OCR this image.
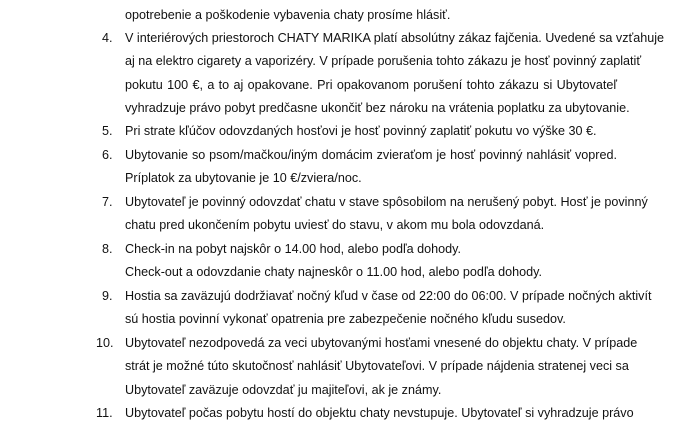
opotrebenie a poškodenie vybavenia chaty prosíme hlásiť.
4. V interiérových priestoroch CHATY MARIKA platí absolútny zákaz fajčenia. Uvedené sa vzťahuje
aj na elektro cigarety a vaporizéry. V prípade porušenia tohto zákazu je hosť povinný zaplatiť
pokutu 100 €, a to aj opakovane. Pri opakovanom porušení tohto zákazu si Ubytovateľ
vyhradzuje právo pobyt predčasne ukončiť bez nároku na vrátenia poplatku za ubytovanie.
5. Pri strate kľúčov odovzdaných hosťovi je hosť povinný zaplatiť pokutu vo výške 30 €.
6. Ubytovanie so psom/mačkou/iným domácim zvieraťom je hosť povinný nahlásiť vopred.
Príplatok za ubytovanie je 10 €/zviera/noc.
7. Ubytovateľ je povinný odovzdať chatu v stave spôsobilom na nerušený pobyt. Hosť je povinný
chatu pred ukončením pobytu uviesť do stavu, v akom mu bola odovzdaná.
8. Check-in na pobyt najskôr o 14.00 hod, alebo podľa dohody.
Check-out a odovzdanie chaty najneskôr o 11.00 hod, alebo podľa dohody.
9. Hostia sa zaväzujú dodržiavať nočný kľud v čase od 22:00 do 06:00. V prípade nočných aktivít
sú hostia povinní vykonať opatrenia pre zabezpečenie nočného kľudu susedov.
10. Ubytovateľ nezodpovedá za veci ubytovanými hosťami vnesené do objektu chaty. V prípade
strát je možné túto skutočnosť nahlásiť Ubytovateľovi. V prípade nájdenia stratenej veci sa
Ubytovateľ zaväzuje odovzdať ju majiteľovi, ak je známy.
11. Ubytovateľ počas pobytu hostí do objektu chaty nevstupuje. Ubytovateľ si vyhradzuje právo
